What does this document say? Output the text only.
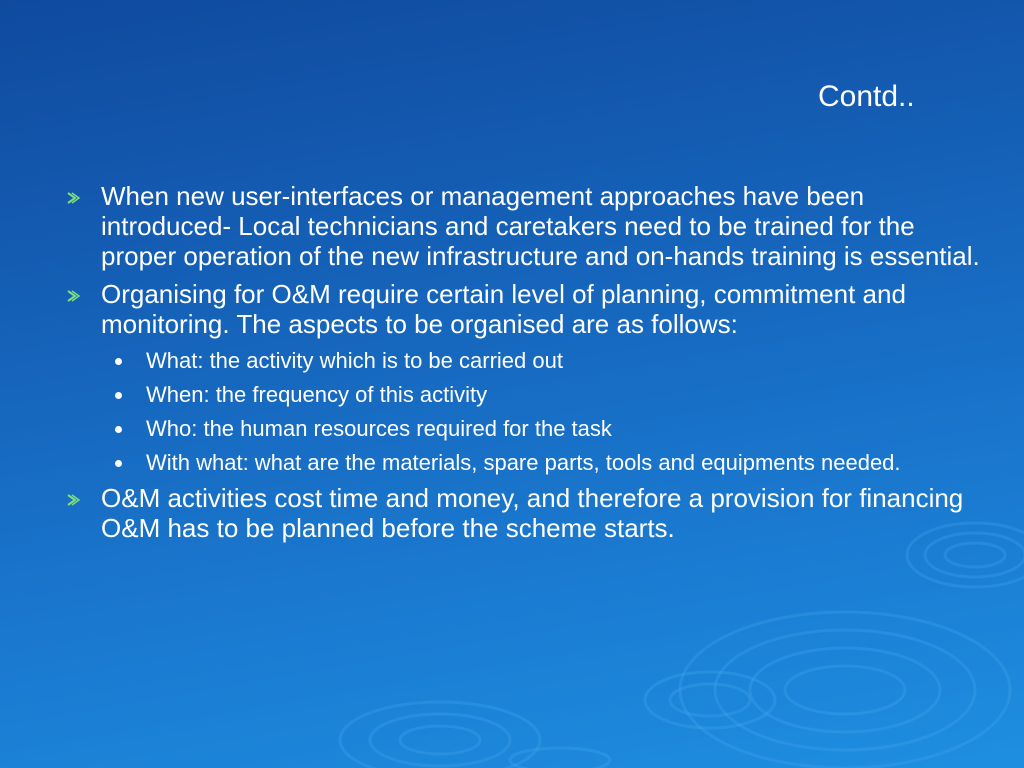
Contd..
When new user-interfaces or management approaches have been introduced- Local technicians and caretakers need to be trained for the proper operation of the new infrastructure and on-hands training is essential.
Organising for O&M require certain level of planning, commitment and monitoring. The aspects to be organised are as follows:
What: the activity which is to be carried out
When: the frequency of this activity
Who: the human resources required for the task
With what: what are the materials, spare parts, tools and equipments needed.
O&M activities cost time and money, and therefore a provision for financing O&M has to be planned before the scheme starts.
